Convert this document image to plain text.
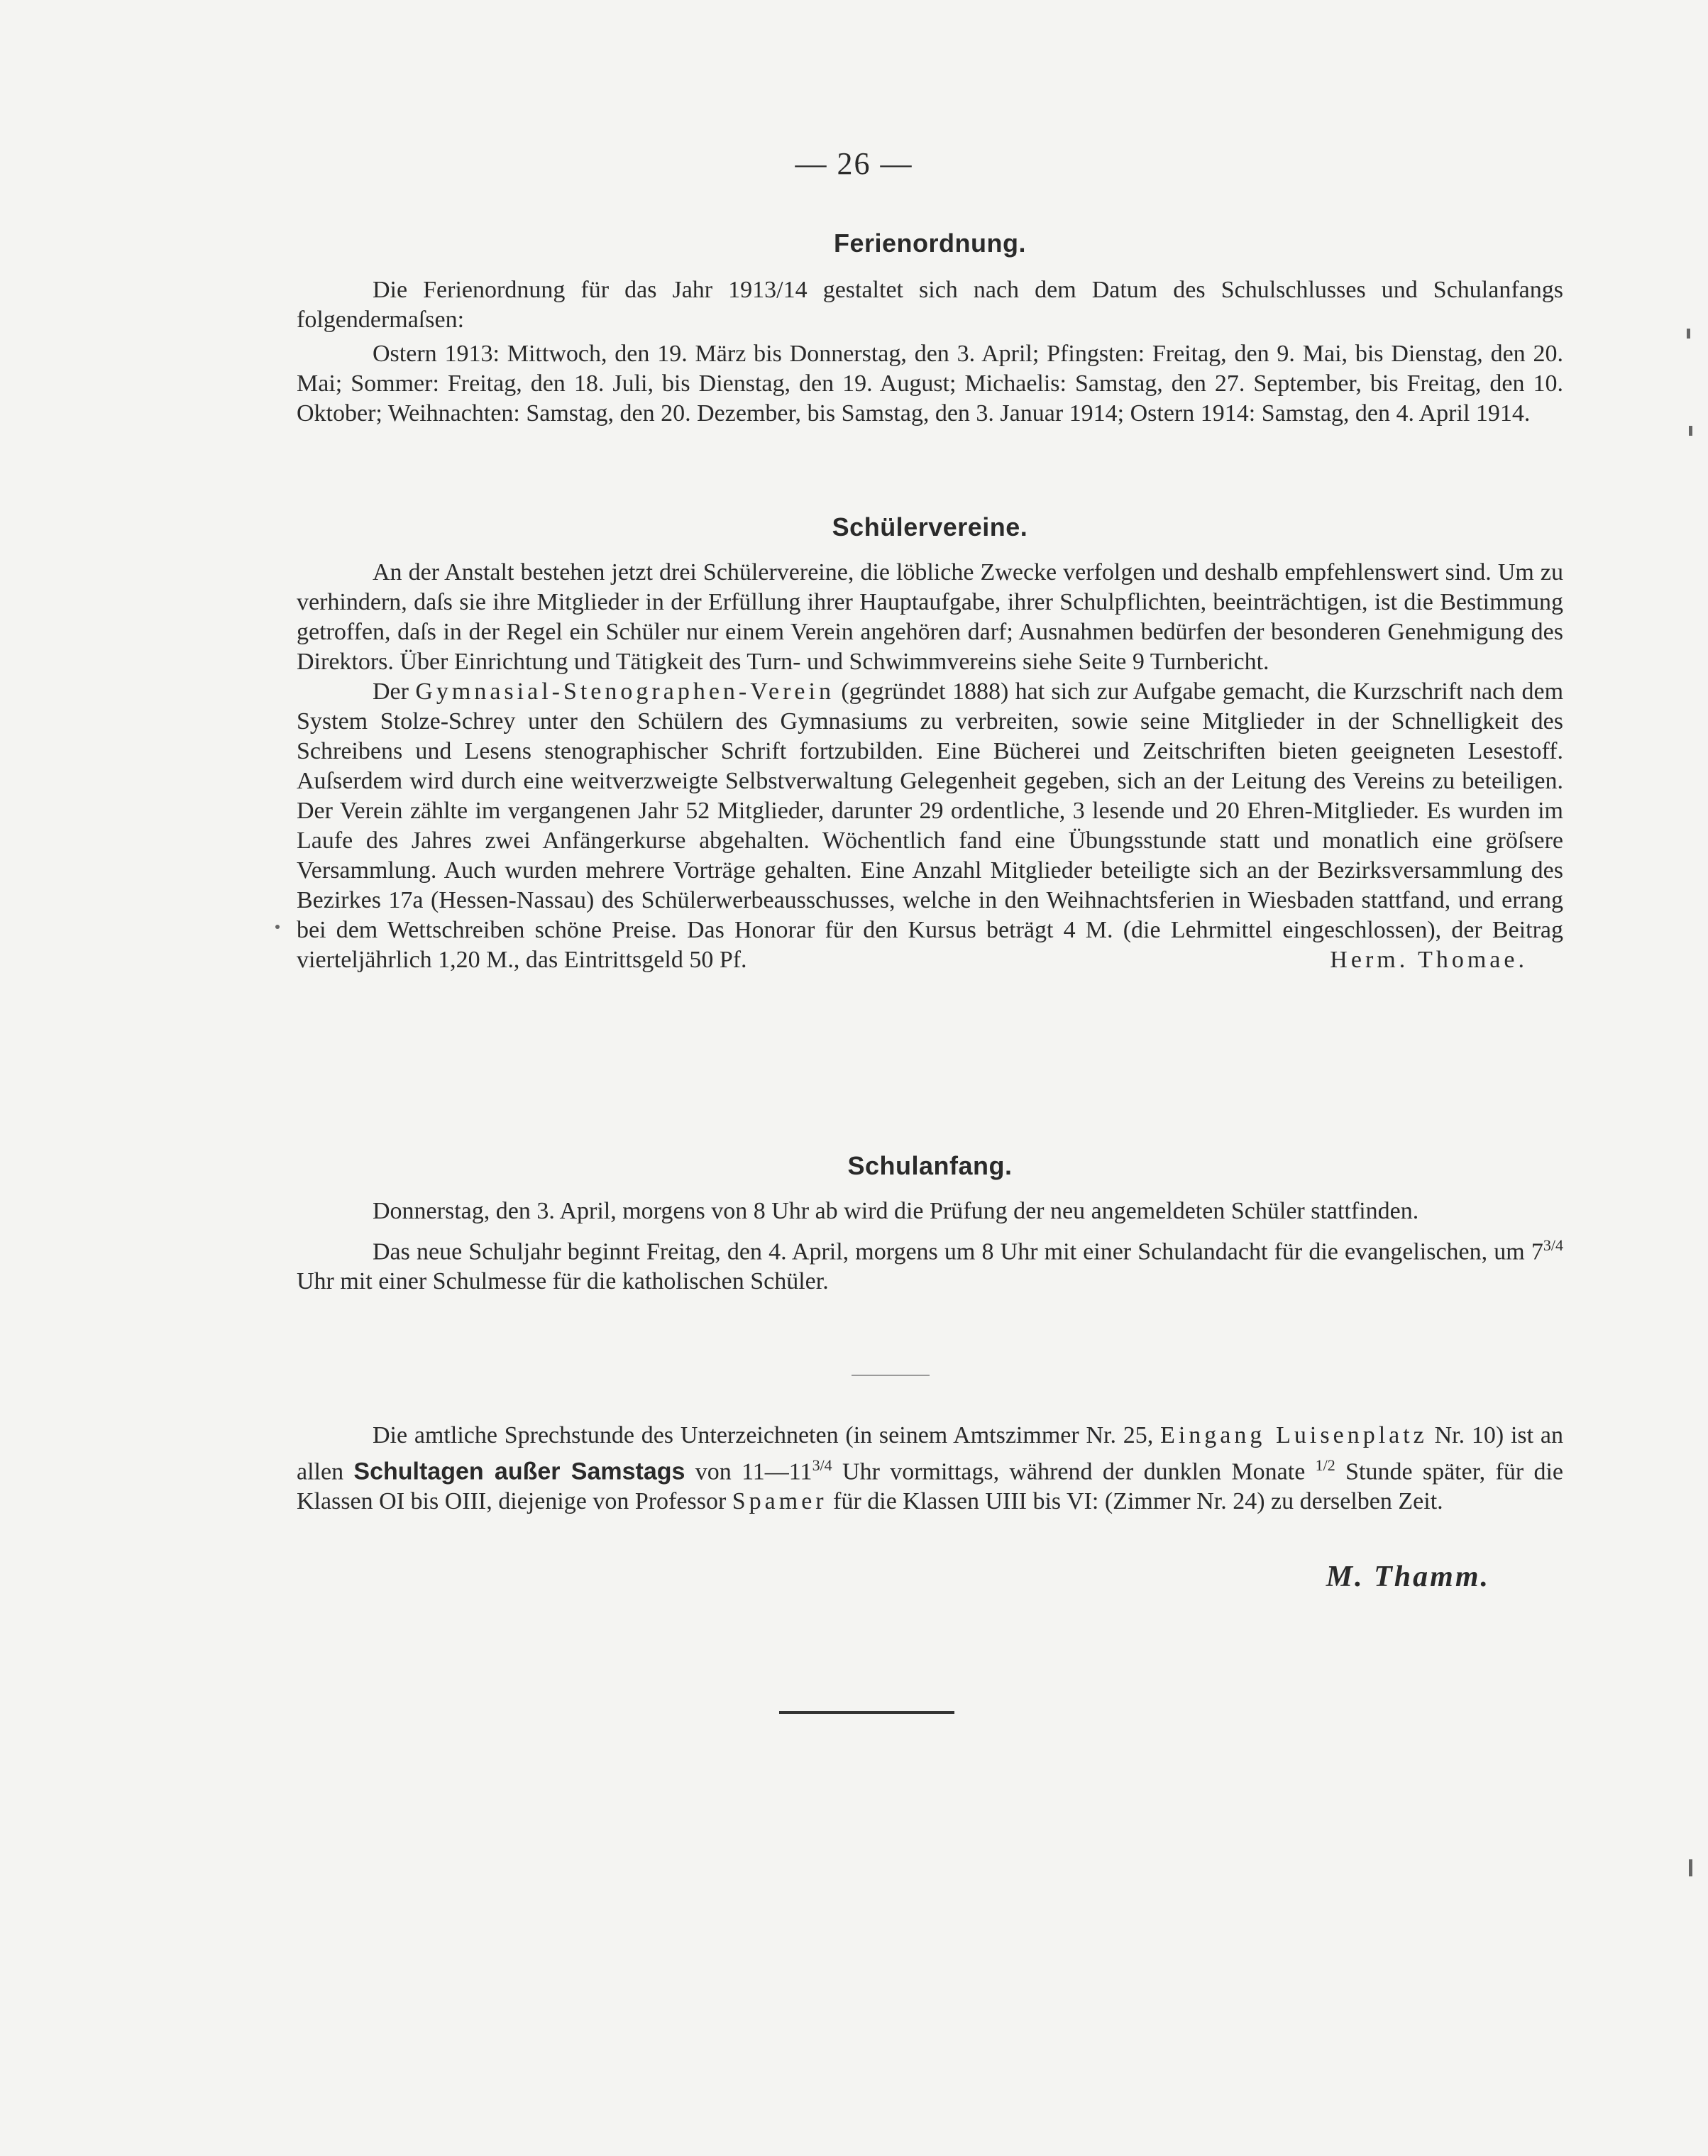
— 26 —
Ferienordnung.

Die Ferienordnung für das Jahr 1913/14 gestaltet sich nach dem Datum des Schulschlusses und Schulanfangs folgendermaſsen:

Ostern 1913: Mittwoch, den 19. März bis Donnerstag, den 3. April; Pfingsten: Freitag, den 9. Mai, bis Dienstag, den 20. Mai; Sommer: Freitag, den 18. Juli, bis Dienstag, den 19. August; Michaelis: Samstag, den 27. September, bis Freitag, den 10. Oktober; Weihnachten: Samstag, den 20. Dezember, bis Samstag, den 3. Januar 1914; Ostern 1914: Samstag, den 4. April 1914.

Schülervereine.

An der Anstalt bestehen jetzt drei Schülervereine, die löbliche Zwecke verfolgen und deshalb empfehlenswert sind. Um zu verhindern, daſs sie ihre Mitglieder in der Erfüllung ihrer Hauptaufgabe, ihrer Schulpflichten, beeinträchtigen, ist die Bestimmung getroffen, daſs in der Regel ein Schüler nur einem Verein angehören darf; Ausnahmen bedürfen der besonderen Genehmigung des Direktors. Über Einrichtung und Tätigkeit des Turn- und Schwimmvereins siehe Seite 9 Turnbericht.

Der Gymnasial-Stenographen-Verein (gegründet 1888) hat sich zur Aufgabe gemacht, die Kurzschrift nach dem System Stolze-Schrey unter den Schülern des Gymnasiums zu verbreiten, sowie seine Mitglieder in der Schnelligkeit des Schreibens und Lesens stenographischer Schrift fortzubilden. Eine Bücherei und Zeitschriften bieten geeigneten Lesestoff. Auſserdem wird durch eine weitverzweigte Selbstverwaltung Gelegenheit gegeben, sich an der Leitung des Vereins zu beteiligen. Der Verein zählte im vergangenen Jahr 52 Mitglieder, darunter 29 ordentliche, 3 lesende und 20 Ehren-Mitglieder. Es wurden im Laufe des Jahres zwei Anfängerkurse abgehalten. Wöchentlich fand eine Übungsstunde statt und monatlich eine gröſsere Versammlung. Auch wurden mehrere Vorträge gehalten. Eine Anzahl Mitglieder beteiligte sich an der Bezirksversammlung des Bezirkes 17a (Hessen-Nassau) des Schülerwerbeausschusses, welche in den Weihnachtsferien in Wiesbaden stattfand, und errang bei dem Wettschreiben schöne Preise. Das Honorar für den Kursus beträgt 4 M. (die Lehrmittel eingeschlossen), der Beitrag vierteljährlich 1,20 M., das Eintrittsgeld 50 Pf.	Herm. Thomae.

Schulanfang.

Donnerstag, den 3. April, morgens von 8 Uhr ab wird die Prüfung der neu angemeldeten Schüler stattfinden.

Das neue Schuljahr beginnt Freitag, den 4. April, morgens um 8 Uhr mit einer Schulandacht für die evangelischen, um $7^{3/4}$ Uhr mit einer Schulmesse für die katholischen Schüler.

Die amtliche Sprechstunde des Unterzeichneten (in seinem Amtszimmer Nr. 25, Eingang Luisenplatz Nr. 10) ist an allen Schultagen außer Samstags von $11—11^{3/4}$ Uhr vormittags, während der dunklen Monate $^{1/2}$ Stunde später, für die Klassen OI bis OIII, diejenige von Professor Spamer für die Klassen UIII bis VI: (Zimmer Nr. 24) zu derselben Zeit.

M. Thamm.
